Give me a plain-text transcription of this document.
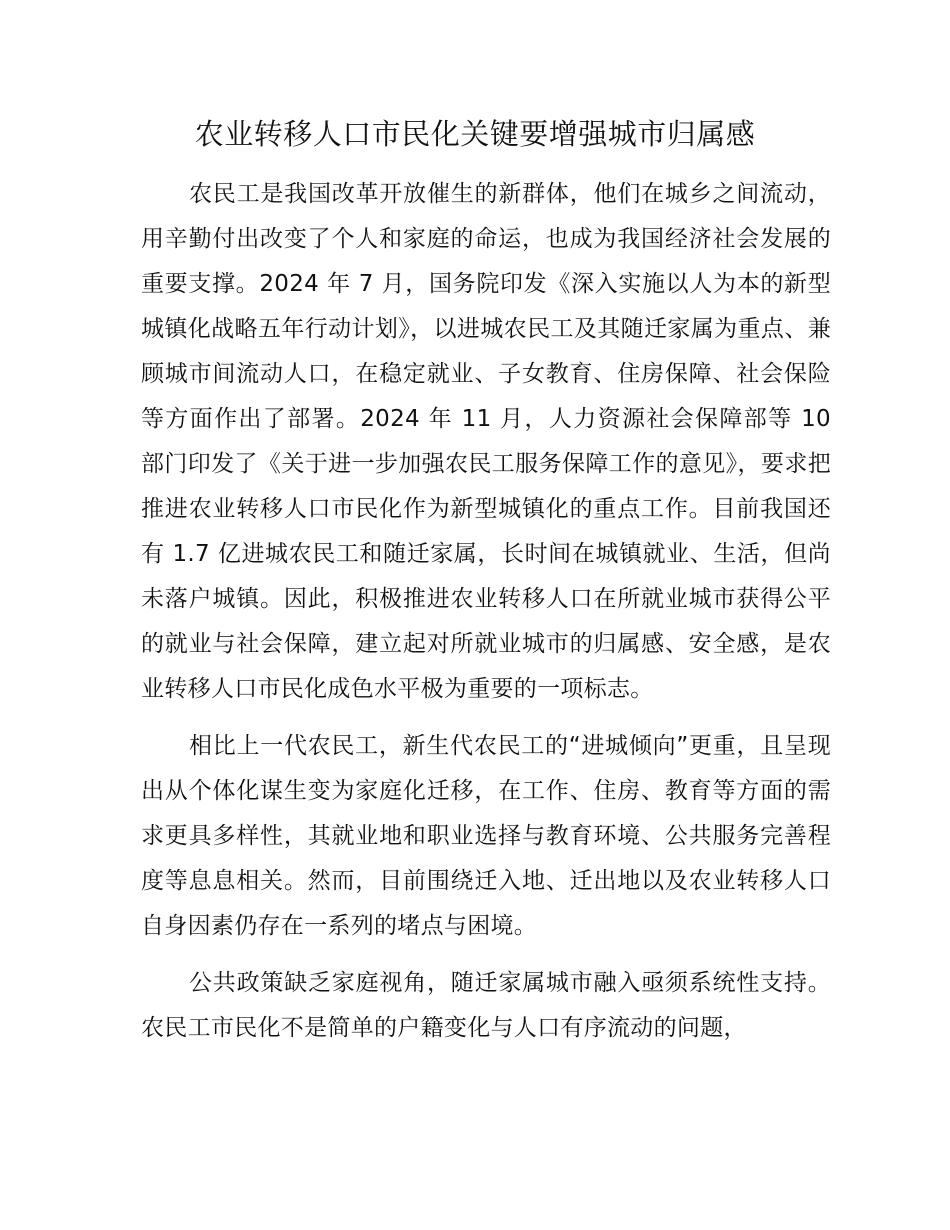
农业转移人口市民化关键要增强城市归属感

农民工是我国改革开放催生的新群体，他们在城乡之间流动，用辛勤付出改变了个人和家庭的命运，也成为我国经济社会发展的重要支撑。2024 年 7 月，国务院印发《深入实施以人为本的新型城镇化战略五年行动计划》，以进城农民工及其随迁家属为重点、兼顾城市间流动人口，在稳定就业、子女教育、住房保障、社会保险等方面作出了部署。2024 年 11 月，人力资源社会保障部等 10 部门印发了《关于进一步加强农民工服务保障工作的意见》，要求把推进农业转移人口市民化作为新型城镇化的重点工作。目前我国还有 1.7 亿进城农民工和随迁家属，长时间在城镇就业、生活，但尚未落户城镇。因此，积极推进农业转移人口在所就业城市获得公平的就业与社会保障，建立起对所就业城市的归属感、安全感，是农业转移人口市民化成色水平极为重要的一项标志。

相比上一代农民工，新生代农民工的“进城倾向”更重，且呈现出从个体化谋生变为家庭化迁移，在工作、住房、教育等方面的需求更具多样性，其就业地和职业选择与教育环境、公共服务完善程度等息息相关。然而，目前围绕迁入地、迁出地以及农业转移人口自身因素仍存在一系列的堵点与困境。

公共政策缺乏家庭视角，随迁家属城市融入亟须系统性支持。农民工市民化不是简单的户籍变化与人口有序流动的问题，
